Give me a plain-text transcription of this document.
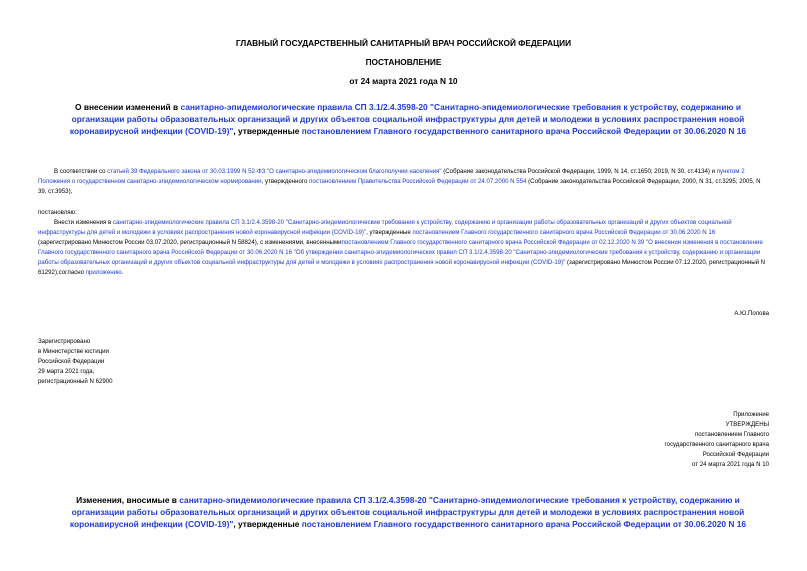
ГЛАВНЫЙ ГОСУДАРСТВЕННЫЙ САНИТАРНЫЙ ВРАЧ РОССИЙСКОЙ ФЕДЕРАЦИИ
ПОСТАНОВЛЕНИЕ
от 24 марта 2021 года N 10
О внесении изменений в санитарно-эпидемиологические правила СП 3.1/2.4.3598-20 "Санитарно-эпидемиологические требования к устройству, содержанию и организации работы образовательных организаций и других объектов социальной инфраструктуры для детей и молодежи в условиях распространения новой коронавирусной инфекции (COVID-19)", утвержденные постановлением Главного государственного санитарного врача Российской Федерации от 30.06.2020 N 16
В соответствии со статьей 39 Федерального закона от 30.03.1999 N 52-ФЗ "О санитарно-эпидемиологическом благополучии населения" (Собрание законодательства Российской Федерации, 1999, N 14, ст.1650; 2019, N 30, ст.4134) и пунктом 2 Положения о государственном санитарно-эпидемиологическом нормировании, утвержденного постановлением Правительства Российской Федерации от 24.07.2000 N 554 (Собрание законодательства Российской Федерации, 2000, N 31, ст.3295; 2005, N 39, ст.3953),
постановляю:
Внести изменения в санитарно-эпидемиологические правила СП 3.1/2.4.3598-20 "Санитарно-эпидемиологические требования к устройству, содержанию и организации работы образовательных организаций и других объектов социальной инфраструктуры для детей и молодежи в условиях распространения новой коронавирусной инфекции (COVID-19)", утвержденные постановлением Главного государственного санитарного врача Российской Федерации от 30.06.2020 N 16 (зарегистрировано Минюстом России 03.07.2020, регистрационный N 58824), с изменениями, внесеннымипостановлением Главного государственного санитарного врача Российской Федерации от 02.12.2020 N 39 "О внесении изменения в постановление Главного государственного санитарного врача Российской Федерации от 30.06.2020 N 16 "Об утверждении санитарно-эпидемиологических правил СП 3.1/2.4.3598-20 "Санитарно-эпидемиологические требования к устройству, содержанию и организации работы образовательных организаций и других объектов социальной инфраструктуры для детей и молодежи в условиях распространения новой коронавирусной инфекции (COVID-19)" (зарегистрировано Минюстом России 07.12.2020, регистрационный N 61292),согласно приложению.
А.Ю.Попова
Зарегистрировано
в Министерстве юстиции
Российской Федерации
29 марта 2021 года,
регистрационный N 62900
Приложение
УТВЕРЖДЕНЫ
постановлением Главного
государственного санитарного врача
Российской Федерации
от 24 марта 2021 года N 10
Изменения, вносимые в санитарно-эпидемиологические правила СП 3.1/2.4.3598-20 "Санитарно-эпидемиологические требования к устройству, содержанию и организации работы образовательных организаций и других объектов социальной инфраструктуры для детей и молодежи в условиях распространения новой коронавирусной инфекции (COVID-19)", утвержденные постановлением Главного государственного санитарного врача Российской Федерации от 30.06.2020 N 16
